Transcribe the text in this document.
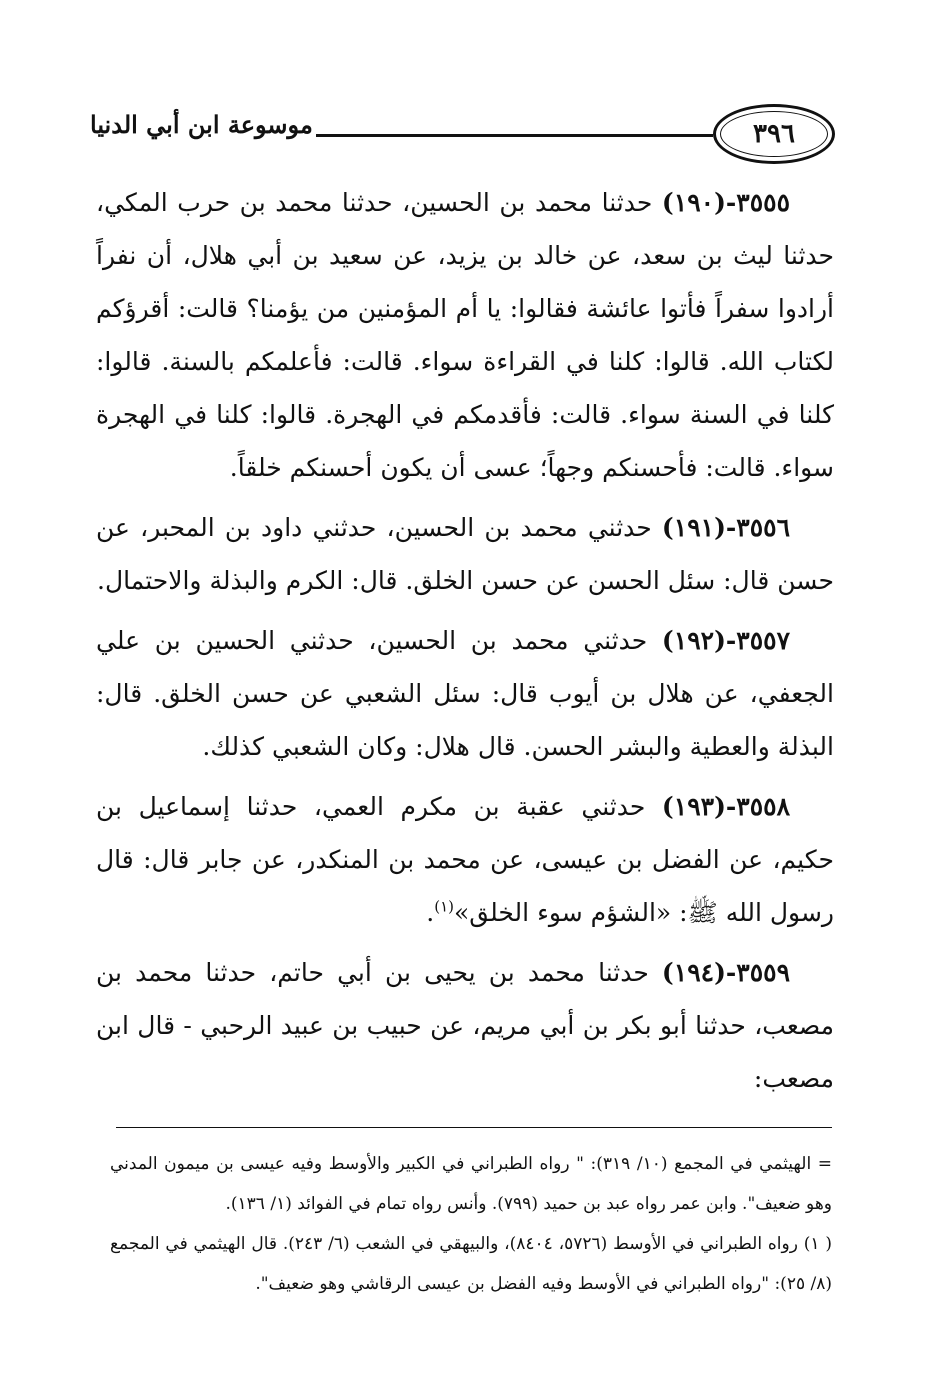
٣٩٦
موسوعة ابن أبي الدنيا

٣٥٥٥-(١٩٠) حدثنا محمد بن الحسين، حدثنا محمد بن حرب المكي، حدثنا ليث بن سعد، عن خالد بن يزيد، عن سعيد بن أبي هلال، أن نفراً أرادوا سفراً فأتوا عائشة فقالوا: يا أم المؤمنين من يؤمنا؟ قالت: أقرؤكم لكتاب الله. قالوا: كلنا في القراءة سواء. قالت: فأعلمكم بالسنة. قالوا: كلنا في السنة سواء. قالت: فأقدمكم في الهجرة. قالوا: كلنا في الهجرة سواء. قالت: فأحسنكم وجهاً؛ عسى أن يكون أحسنكم خلقاً.

٣٥٥٦-(١٩١) حدثني محمد بن الحسين، حدثني داود بن المحبر، عن حسن قال: سئل الحسن عن حسن الخلق. قال: الكرم والبذلة والاحتمال.

٣٥٥٧-(١٩٢) حدثني محمد بن الحسين، حدثني الحسين بن علي الجعفي، عن هلال بن أيوب قال: سئل الشعبي عن حسن الخلق. قال: البذلة والعطية والبشر الحسن. قال هلال: وكان الشعبي كذلك.

٣٥٥٨-(١٩٣) حدثني عقبة بن مكرم العمي، حدثنا إسماعيل بن حكيم، عن الفضل بن عيسى، عن محمد بن المنكدر، عن جابر قال: قال رسول الله ﷺ: «الشؤم سوء الخلق»$^{(١)}$.

٣٥٥٩-(١٩٤) حدثنا محمد بن يحيى بن أبي حاتم، حدثنا محمد بن مصعب، حدثنا أبو بكر بن أبي مريم، عن حبيب بن عبيد الرحبي - قال ابن مصعب:

= الهيثمي في المجمع (١٠/ ٣١٩): " رواه الطبراني في الكبير والأوسط وفيه عيسى بن ميمون المدني وهو ضعيف". وابن عمر رواه عبد بن حميد (٧٩٩). وأنس رواه تمام في الفوائد (١/ ١٣٦).

( ١) رواه الطبراني في الأوسط (٥٧٢٦، ٨٤٠٤)، والبيهقي في الشعب (٦/ ٢٤٣). قال الهيثمي في المجمع (٨/ ٢٥): "رواه الطبراني في الأوسط وفيه الفضل بن عيسى الرقاشي وهو ضعيف".
